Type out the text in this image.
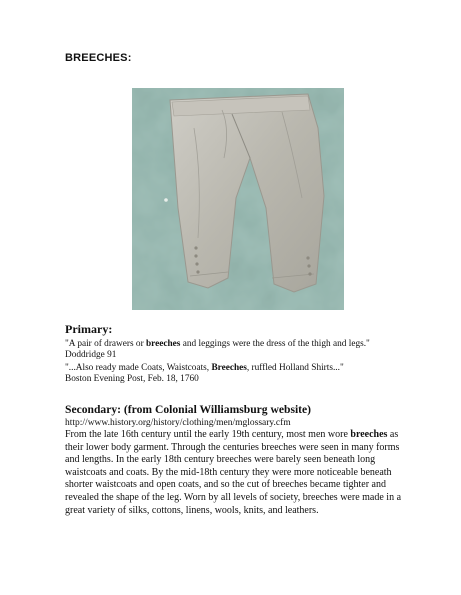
BREECHES:
Primary:
"A pair of drawers or breeches and leggings were the dress of the thigh and legs." Doddridge 91
"...Also ready made Coats, Waistcoats, Breeches, ruffled Holland Shirts..."
Boston Evening Post, Feb. 18, 1760
Secondary: (from Colonial Williamsburg website)
http://www.history.org/history/clothing/men/mglossary.cfm
From the late 16th century until the early 19th century, most men wore breeches as their lower body garment. Through the centuries breeches were seen in many forms and lengths. In the early 18th century breeches were barely seen beneath long waistcoats and coats. By the mid-18th century they were more noticeable beneath shorter waistcoats and open coats, and so the cut of breeches became tighter and revealed the shape of the leg. Worn by all levels of society, breeches were made in a great variety of silks, cottons, linens, wools, knits, and leathers.
